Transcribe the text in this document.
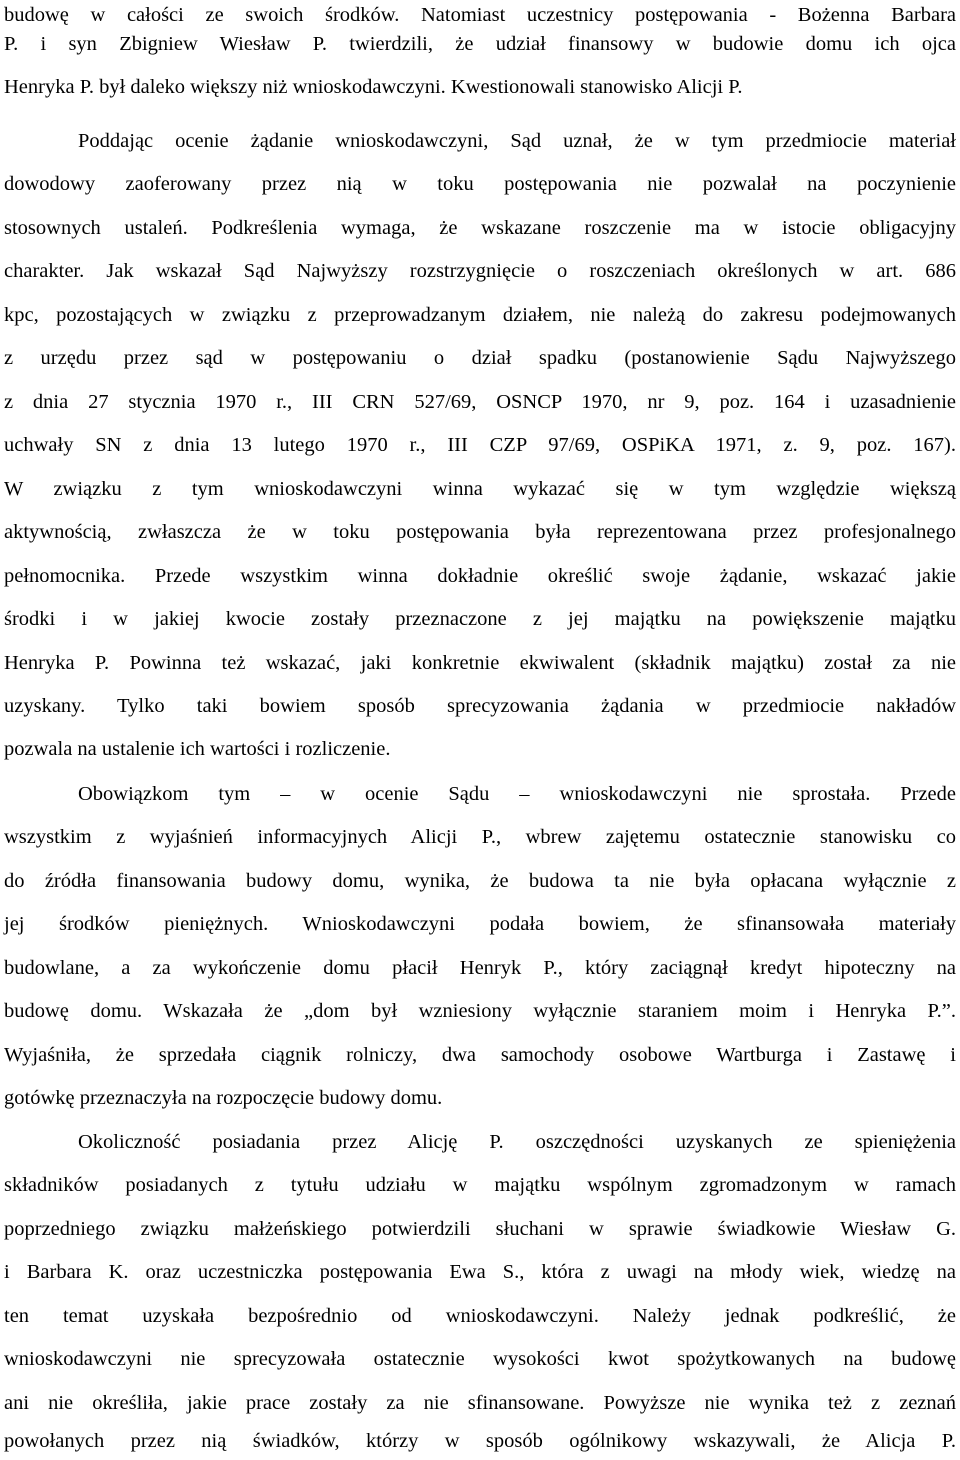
budowę w całości ze swoich środków. Natomiast uczestnicy postępowania - Bożenna Barbara
P. i syn Zbigniew Wiesław P. twierdzili, że udział finansowy w budowie domu ich ojca
Henryka P. był daleko większy niż wnioskodawczyni. Kwestionowali stanowisko Alicji P.
Poddając ocenie żądanie wnioskodawczyni, Sąd uznał, że w tym przedmiocie materiał
dowodowy zaoferowany przez nią w toku postępowania nie pozwalał na poczynienie
stosownych ustaleń. Podkreślenia wymaga, że wskazane roszczenie ma w istocie obligacyjny
charakter. Jak wskazał Sąd Najwyższy rozstrzygnięcie o roszczeniach określonych w art. 686
kpc, pozostających w związku z przeprowadzanym działem, nie należą do zakresu podejmowanych
z urzędu przez sąd w postępowaniu o dział spadku (postanowienie Sądu Najwyższego
z dnia 27 stycznia 1970 r., III CRN 527/69, OSNCP 1970, nr 9, poz. 164 i uzasadnienie
uchwały SN z dnia 13 lutego 1970 r., III CZP 97/69, OSPiKA 1971, z. 9, poz. 167).
W związku z tym wnioskodawczyni winna wykazać się w tym względzie większą
aktywnością, zwłaszcza że w toku postępowania była reprezentowana przez profesjonalnego
pełnomocnika. Przede wszystkim winna dokładnie określić swoje żądanie, wskazać jakie
środki i w jakiej kwocie zostały przeznaczone z jej majątku na powiększenie majątku
Henryka P. Powinna też wskazać, jaki konkretnie ekwiwalent (składnik majątku) został za nie
uzyskany. Tylko taki bowiem sposób sprecyzowania żądania w przedmiocie nakładów
pozwala na ustalenie ich wartości i rozliczenie.
Obowiązkom tym – w ocenie Sądu – wnioskodawczyni nie sprostała. Przede
wszystkim z wyjaśnień informacyjnych Alicji P., wbrew zajętemu ostatecznie stanowisku co
do źródła finansowania budowy domu, wynika, że budowa ta nie była opłacana wyłącznie z
jej środków pieniężnych. Wnioskodawczyni podała bowiem, że sfinansowała materiały
budowlane, a za wykończenie domu płacił Henryk P., który zaciągnął kredyt hipoteczny na
budowę domu. Wskazała że „dom był wzniesiony wyłącznie staraniem moim i Henryka P.”.
Wyjaśniła, że sprzedała ciągnik rolniczy, dwa samochody osobowe Wartburga i Zastawę i
gotówkę przeznaczyła na rozpoczęcie budowy domu.
Okoliczność posiadania przez Alicję P. oszczędności uzyskanych ze spieniężenia
składników posiadanych z tytułu udziału w majątku wspólnym zgromadzonym w ramach
poprzedniego związku małżeńskiego potwierdzili słuchani w sprawie świadkowie Wiesław G.
i Barbara K. oraz uczestniczka postępowania Ewa S., która z uwagi na młody wiek, wiedzę na
ten temat uzyskała bezpośrednio od wnioskodawczyni. Należy jednak podkreślić, że
wnioskodawczyni nie sprecyzowała ostatecznie wysokości kwot spożytkowanych na budowę
ani nie określiła, jakie prace zostały za nie sfinansowane. Powyższe nie wynika też z zeznań
powołanych przez nią świadków, którzy w sposób ogólnikowy wskazywali, że Alicja P.
